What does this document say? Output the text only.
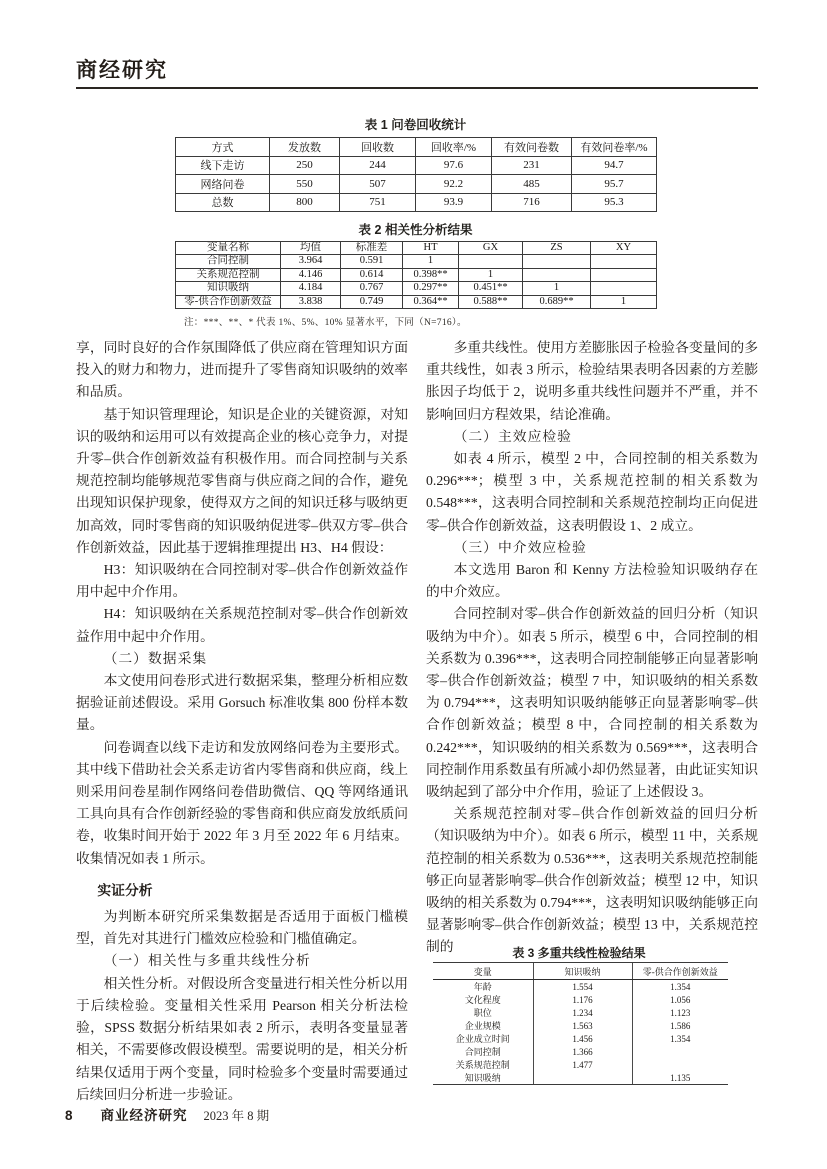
商经研究
表 1 问卷回收统计
方式	发放数	回收数	回收率/%	有效问卷数	有效问卷率/%
线下走访	250	244	97.6	231	94.7
网络问卷	550	507	92.2	485	95.7
总数	800	751	93.9	716	95.3
表 2 相关性分析结果
变量名称	均值	标准差	HT	GX	ZS	XY
合同控制	3.964	0.591	1			
关系规范控制	4.146	0.614	0.398**	1		
知识吸纳	4.184	0.767	0.297**	0.451**	1	
零-供合作创新效益	3.838	0.749	0.364**	0.588**	0.689**	1
注：***、**、* 代表 1%、5%、10% 显著水平，下同（N=716）。

享，同时良好的合作氛围降低了供应商在管理知识方面投入的财力和物力，进而提升了零售商知识吸纳的效率和品质。

基于知识管理理论，知识是企业的关键资源，对知识的吸纳和运用可以有效提高企业的核心竞争力，对提升零–供合作创新效益有积极作用。而合同控制与关系规范控制均能够规范零售商与供应商之间的合作，避免出现知识保护现象，使得双方之间的知识迁移与吸纳更加高效，同时零售商的知识吸纳促进零–供双方零–供合作创新效益，因此基于逻辑推理提出 H3、H4 假设：

H3：知识吸纳在合同控制对零–供合作创新效益作用中起中介作用。

H4：知识吸纳在关系规范控制对零–供合作创新效益作用中起中介作用。

（二）数据采集

本文使用问卷形式进行数据采集，整理分析相应数据验证前述假设。采用 Gorsuch 标准收集 800 份样本数量。

问卷调查以线下走访和发放网络问卷为主要形式。其中线下借助社会关系走访省内零售商和供应商，线上则采用问卷星制作网络问卷借助微信、QQ 等网络通讯工具向具有合作创新经验的零售商和供应商发放纸质问卷，收集时间开始于 2022 年 3 月至 2022 年 6 月结束。收集情况如表 1 所示。

实证分析

为判断本研究所采集数据是否适用于面板门槛模型，首先对其进行门槛效应检验和门槛值确定。

（一）相关性与多重共线性分析

相关性分析。对假设所含变量进行相关性分析以用于后续检验。变量相关性采用 Pearson 相关分析法检验，SPSS 数据分析结果如表 2 所示，表明各变量显著相关，不需要修改假设模型。需要说明的是，相关分析结果仅适用于两个变量，同时检验多个变量时需要通过后续回归分析进一步验证。

多重共线性。使用方差膨胀因子检验各变量间的多重共线性，如表 3 所示，检验结果表明各因素的方差膨胀因子均低于 2，说明多重共线性问题并不严重，并不影响回归方程效果，结论准确。

（二）主效应检验

如表 4 所示，模型 2 中，合同控制的相关系数为 0.296***；模型 3 中，关系规范控制的相关系数为 0.548***，这表明合同控制和关系规范控制均正向促进零–供合作创新效益，这表明假设 1、2 成立。

（三）中介效应检验

本文选用 Baron 和 Kenny 方法检验知识吸纳存在的中介效应。

合同控制对零–供合作创新效益的回归分析（知识吸纳为中介）。如表 5 所示，模型 6 中，合同控制的相关系数为 0.396***，这表明合同控制能够正向显著影响零–供合作创新效益；模型 7 中，知识吸纳的相关系数为 0.794***，这表明知识吸纳能够正向显著影响零–供合作创新效益；模型 8 中，合同控制的相关系数为 0.242***，知识吸纳的相关系数为 0.569***，这表明合同控制作用系数虽有所减小却仍然显著，由此证实知识吸纳起到了部分中介作用，验证了上述假设 3。

关系规范控制对零–供合作创新效益的回归分析（知识吸纳为中介）。如表 6 所示，模型 11 中，关系规范控制的相关系数为 0.536***，这表明关系规范控制能够正向显著影响零–供合作创新效益；模型 12 中，知识吸纳的相关系数为 0.794***，这表明知识吸纳能够正向显著影响零–供合作创新效益；模型 13 中，关系规范控制的	表 3 多重共线性检验结果
变量	知识吸纳	零-供合作创新效益
年龄	1.554	1.354
文化程度	1.176	1.056
职位	1.234	1.123
企业规模	1.563	1.586
企业成立时间	1.456	1.354
合同控制	1.366	
关系规范控制	1.477	
知识吸纳		1.135
8 商业经济研究 2023 年 8 期
